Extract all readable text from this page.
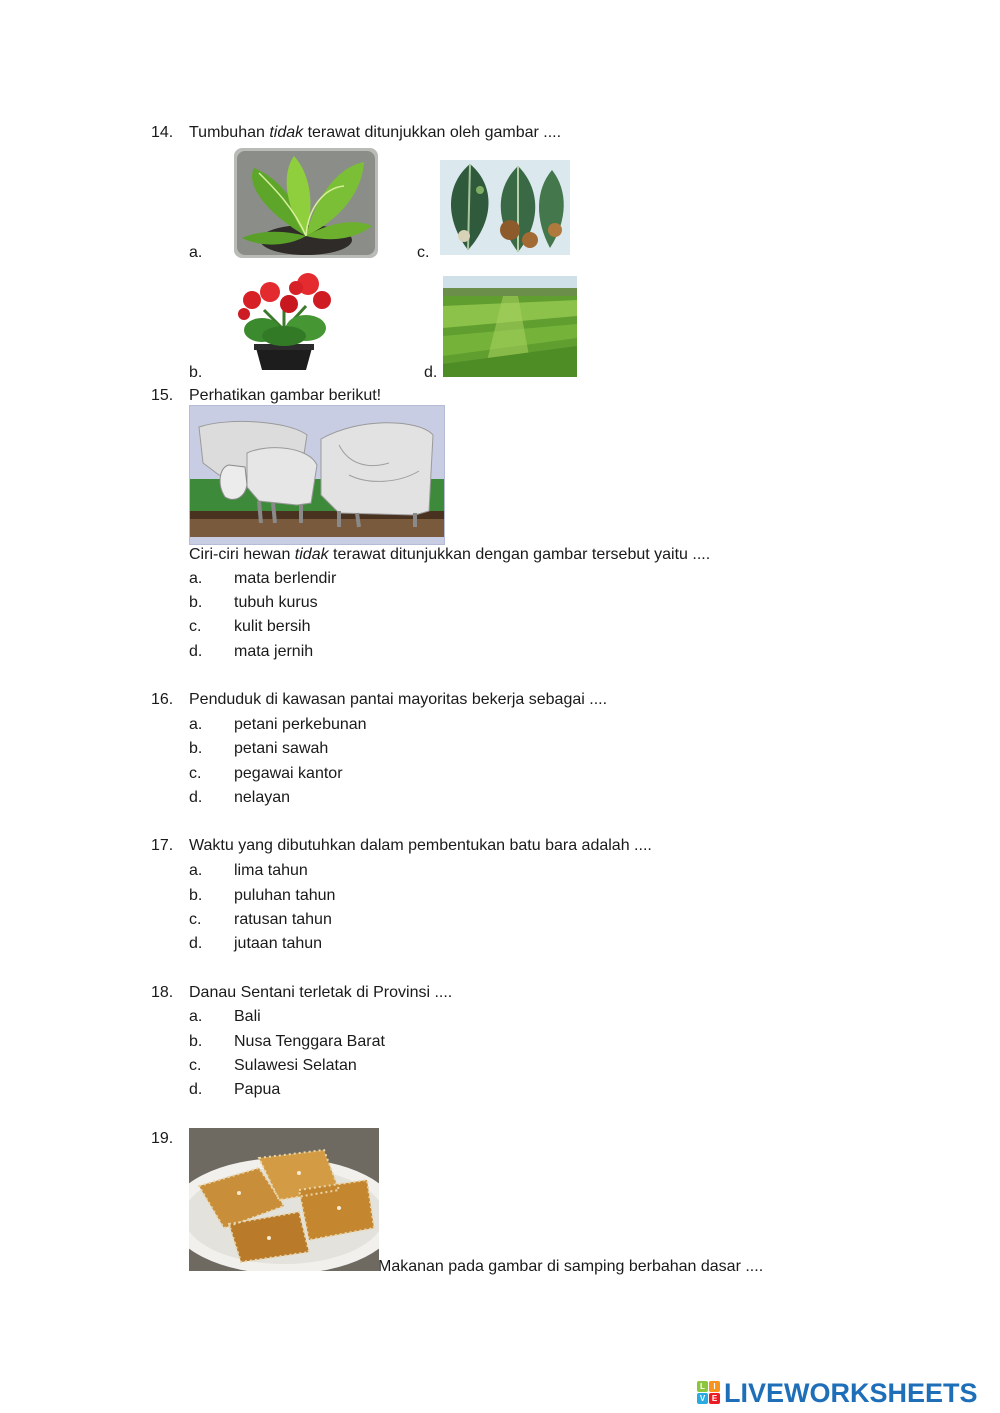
14. Tumbuhan tidak terawat ditunjukkan oleh gambar ....
a.	c.
b.	d.
15. Perhatikan gambar berikut!
Ciri-ciri hewan tidak terawat ditunjukkan dengan gambar tersebut yaitu ....
a. mata berlendir
b. tubuh kurus
c. kulit bersih
d. mata jernih
16. Penduduk di kawasan pantai mayoritas bekerja sebagai ....
a. petani perkebunan
b. petani sawah
c. pegawai kantor
d. nelayan
17. Waktu yang dibutuhkan dalam pembentukan batu bara adalah ....
a. lima tahun
b. puluhan tahun
c. ratusan tahun
d. jutaan tahun
18. Danau Sentani terletak di Provinsi ....
a. Bali
b. Nusa Tenggara Barat
c. Sulawesi Selatan
d. Papua
19.
Makanan pada gambar di samping berbahan dasar ....
L	I
V E LIVEWORKSHEETS
